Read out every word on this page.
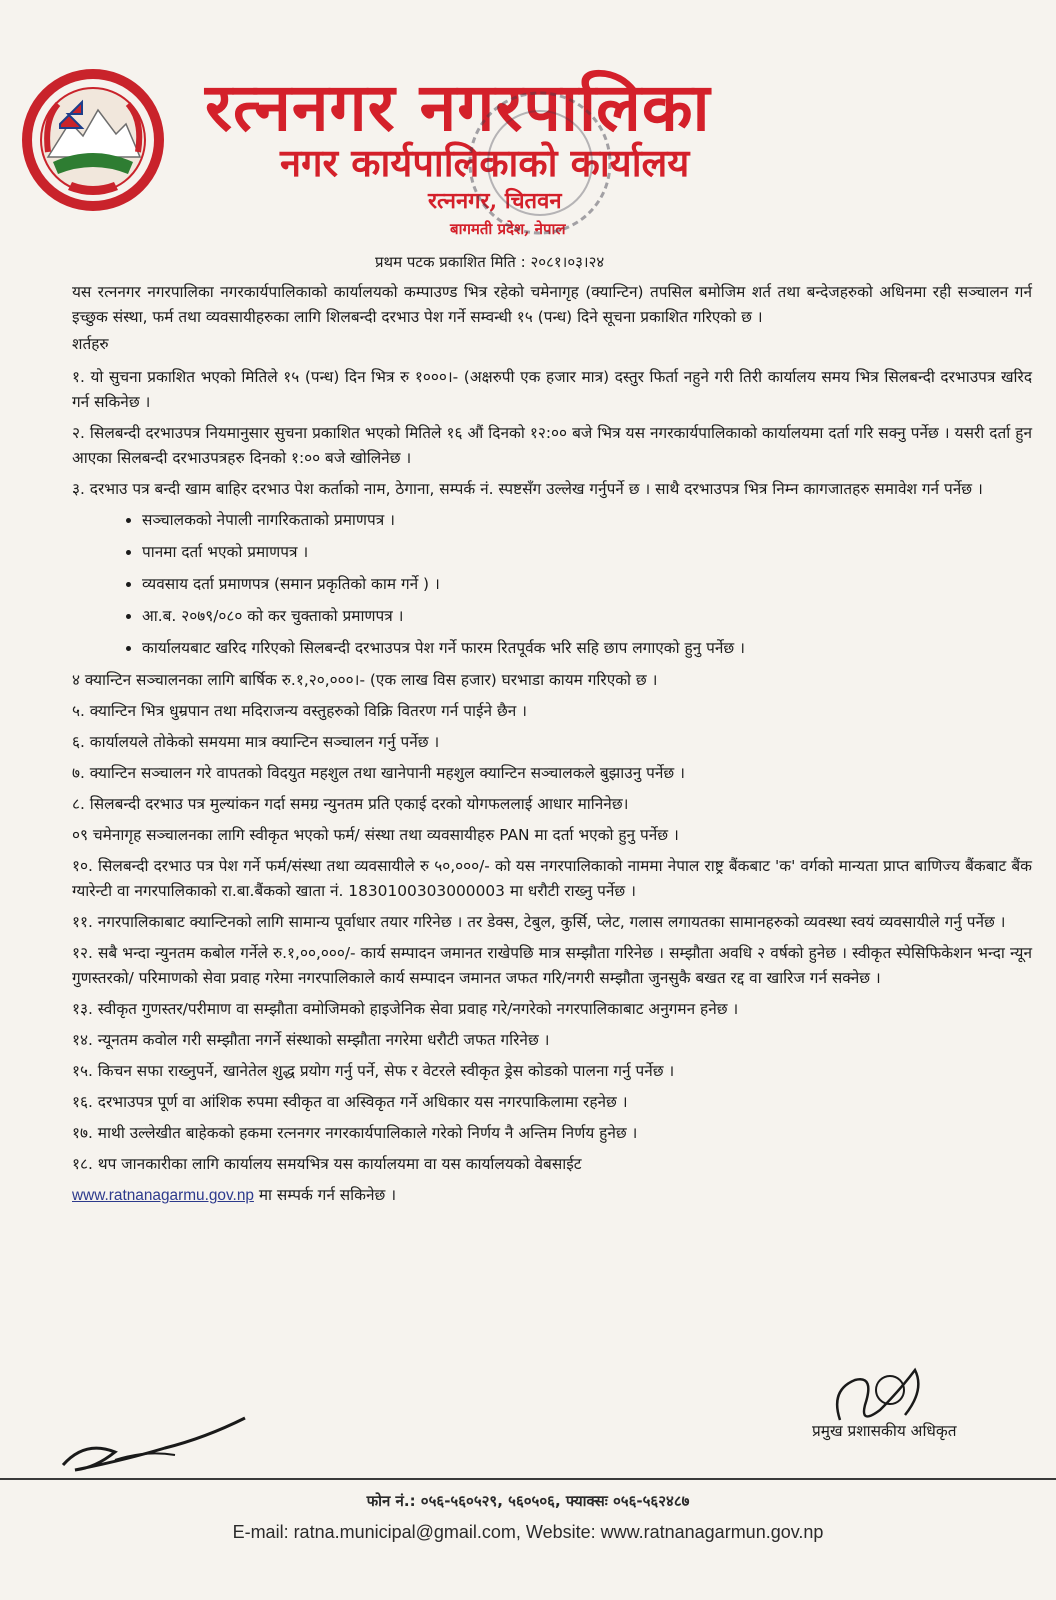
रत्ननगर नगरपालिका
नगर कार्यपालिकाको कार्यालय
रत्ननगर, चितवन
बागमती प्रदेश, नेपाल
प्रथम पटक प्रकाशित मिति : २०८१।०३।२४

यस रत्ननगर नगरपालिका नगरकार्यपालिकाको कार्यालयको कम्पाउण्ड भित्र रहेको चमेनागृह (क्यान्टिन) तपसिल बमोजिम शर्त तथा बन्देजहरुको अधिनमा रही सञ्चालन गर्न इच्छुक संस्था, फर्म तथा व्यवसायीहरुका लागि शिलबन्दी दरभाउ पेश गर्ने सम्वन्धी १५ (पन्ध) दिने सूचना प्रकाशित गरिएको छ ।

शर्तहरु

१. यो सुचना प्रकाशित भएको मितिले १५ (पन्ध) दिन भित्र रु १०००।- (अक्षरुपी एक हजार मात्र) दस्तुर फिर्ता नहुने गरी तिरी कार्यालय समय भित्र सिलबन्दी दरभाउपत्र खरिद गर्न सकिनेछ ।

२. सिलबन्दी दरभाउपत्र नियमानुसार सुचना प्रकाशित भएको मितिले १६ औं दिनको १२:०० बजे भित्र यस नगरकार्यपालिकाको कार्यालयमा दर्ता गरि सक्नु पर्नेछ । यसरी दर्ता हुन आएका सिलबन्दी दरभाउपत्रहरु दिनको १:०० बजे खोलिनेछ ।

३. दरभाउ पत्र बन्दी खाम बाहिर दरभाउ पेश कर्ताको नाम, ठेगाना, सम्पर्क नं. स्पष्टसँग उल्लेख गर्नुपर्ने छ । साथै दरभाउपत्र भित्र निम्न कागजातहरु समावेश गर्न पर्नेछ ।

• सञ्चालकको नेपाली नागरिकताको प्रमाणपत्र ।
• पानमा दर्ता भएको प्रमाणपत्र ।
• व्यवसाय दर्ता प्रमाणपत्र (समान प्रकृतिको काम गर्ने ) ।
• आ.ब. २०७९/०८० को कर चुक्ताको प्रमाणपत्र ।
• कार्यालयबाट खरिद गरिएको सिलबन्दी दरभाउपत्र पेश गर्ने फारम रितपूर्वक भरि सहि छाप लगाएको हुनु पर्नेछ ।

४ क्यान्टिन सञ्चालनका लागि बार्षिक रु.१,२०,०००।- (एक लाख विस हजार) घरभाडा कायम गरिएको छ ।

५. क्यान्टिन भित्र धुम्रपान तथा मदिराजन्य वस्तुहरुको विक्रि वितरण गर्न पाईने छैन ।

६. कार्यालयले तोकेको समयमा मात्र क्यान्टिन सञ्चालन गर्नु पर्नेछ ।

७. क्यान्टिन सञ्चालन गरे वापतको विदयुत महशुल तथा खानेपानी महशुल क्यान्टिन सञ्चालकले बुझाउनु पर्नेछ ।

८. सिलबन्दी दरभाउ पत्र मुल्यांकन गर्दा समग्र न्युनतम प्रति एकाई दरको योगफललाई आधार मानिनेछ।

०९ चमेनागृह सञ्चालनका लागि स्वीकृत भएको फर्म/ संस्था तथा व्यवसायीहरु PAN मा दर्ता भएको हुनु पर्नेछ ।

१०. सिलबन्दी दरभाउ पत्र पेश गर्ने फर्म/संस्था तथा व्यवसायीले रु ५०,०००/- को यस नगरपालिकाको नाममा नेपाल राष्ट्र बैंकबाट 'क' वर्गको मान्यता प्राप्त बाणिज्य बैंकबाट बैंक ग्यारेन्टी वा नगरपालिकाको रा.बा.बैंकको खाता नं. 1830100303000003 मा धरौटी राख्नु पर्नेछ ।

११. नगरपालिकाबाट क्यान्टिनको लागि सामान्य पूर्वाधार तयार गरिनेछ । तर डेक्स, टेबुल, कुर्सि, प्लेट, गलास लगायतका सामानहरुको व्यवस्था स्वयं व्यवसायीले गर्नु पर्नेछ ।

१२. सबै भन्दा न्युनतम कबोल गर्नेले रु.१,००,०००/- कार्य सम्पादन जमानत राखेपछि मात्र सम्झौता गरिनेछ । सम्झौता अवधि २ वर्षको हुनेछ । स्वीकृत स्पेसिफिकेशन भन्दा न्यून गुणस्तरको/ परिमाणको सेवा प्रवाह गरेमा नगरपालिकाले कार्य सम्पादन जमानत जफत गरि/नगरी सम्झौता जुनसुकै बखत रद्द वा खारिज गर्न सक्नेछ ।

१३. स्वीकृत गुणस्तर/परीमाण वा सम्झौता वमोजिमको हाइजेनिक सेवा प्रवाह गरे/नगरेको नगरपालिकाबाट अनुगमन हनेछ ।

१४. न्यूनतम कवोल गरी सम्झौता नगर्ने संस्थाको सम्झौता नगरेमा धरौटी जफत गरिनेछ ।

१५. किचन सफा राख्नुपर्ने, खानेतेल शुद्ध प्रयोग गर्नु पर्ने, सेफ र वेटरले स्वीकृत ड्रेस कोडको पालना गर्नु पर्नेछ ।

१६. दरभाउपत्र पूर्ण वा आंशिक रुपमा स्वीकृत वा अस्विकृत गर्ने अधिकार यस नगरपाकिलामा रहनेछ ।

१७. माथी उल्लेखीत बाहेकको हकमा रत्ननगर नगरकार्यपालिकाले गरेको निर्णय नै अन्तिम निर्णय हुनेछ ।

१८. थप जानकारीका लागि कार्यालय समयभित्र यस कार्यालयमा वा यस कार्यालयको वेबसाईट

www.ratnanagarmu.gov.np मा सम्पर्क गर्न सकिनेछ ।

प्रमुख प्रशासकीय अधिकृत
फोन नं.: ०५६-५६०५२९, ५६०५०६, फ्याक्सः ०५६-५६२४८७
E-mail: ratna.municipal@gmail.com, Website: www.ratnanagarmun.gov.np
